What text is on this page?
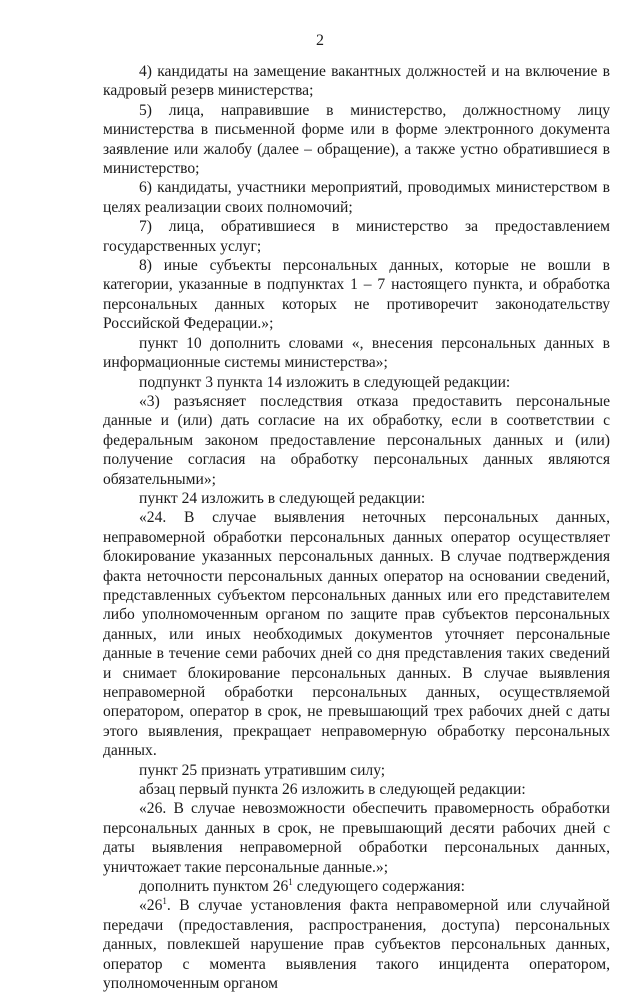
2

4) кандидаты на замещение вакантных должностей и на включение в кадровый резерв министерства;

5) лица, направившие в министерство, должностному лицу министерства в письменной форме или в форме электронного документа заявление или жалобу (далее – обращение), а также устно обратившиеся в министерство;

6) кандидаты, участники мероприятий, проводимых министерством в целях реализации своих полномочий;

7) лица, обратившиеся в министерство за предоставлением государственных услуг;

8) иные субъекты персональных данных, которые не вошли в категории, указанные в подпунктах 1 – 7 настоящего пункта, и обработка персональных данных которых не противоречит законодательству Российской Федерации.»;

пункт 10 дополнить словами «, внесения персональных данных в информационные системы министерства»;

подпункт 3 пункта 14 изложить в следующей редакции:

«3) разъясняет последствия отказа предоставить персональные данные и (или) дать согласие на их обработку, если в соответствии с федеральным законом предоставление персональных данных и (или) получение согласия на обработку персональных данных являются обязательными»;

пункт 24 изложить в следующей редакции:

«24. В случае выявления неточных персональных данных, неправомерной обработки персональных данных оператор осуществляет блокирование указанных персональных данных. В случае подтверждения факта неточности персональных данных оператор на основании сведений, представленных субъектом персональных данных или его представителем либо уполномоченным органом по защите прав субъектов персональных данных, или иных необходимых документов уточняет персональные данные в течение семи рабочих дней со дня представления таких сведений и снимает блокирование персональных данных. В случае выявления неправомерной обработки персональных данных, осуществляемой оператором, оператор в срок, не превышающий трех рабочих дней с даты этого выявления, прекращает неправомерную обработку персональных данных.

пункт 25 признать утратившим силу;

абзац первый пункта 26 изложить в следующей редакции:

«26. В случае невозможности обеспечить правомерность обработки персональных данных в срок, не превышающий десяти рабочих дней с даты выявления неправомерной обработки персональных данных, уничтожает такие персональные данные.»;

дополнить пунктом $26^1$ следующего содержания:

«$26^1$. В случае установления факта неправомерной или случайной передачи (предоставления, распространения, доступа) персональных данных, повлекшей нарушение прав субъектов персональных данных, оператор с момента выявления такого инцидента оператором, уполномоченным органом
